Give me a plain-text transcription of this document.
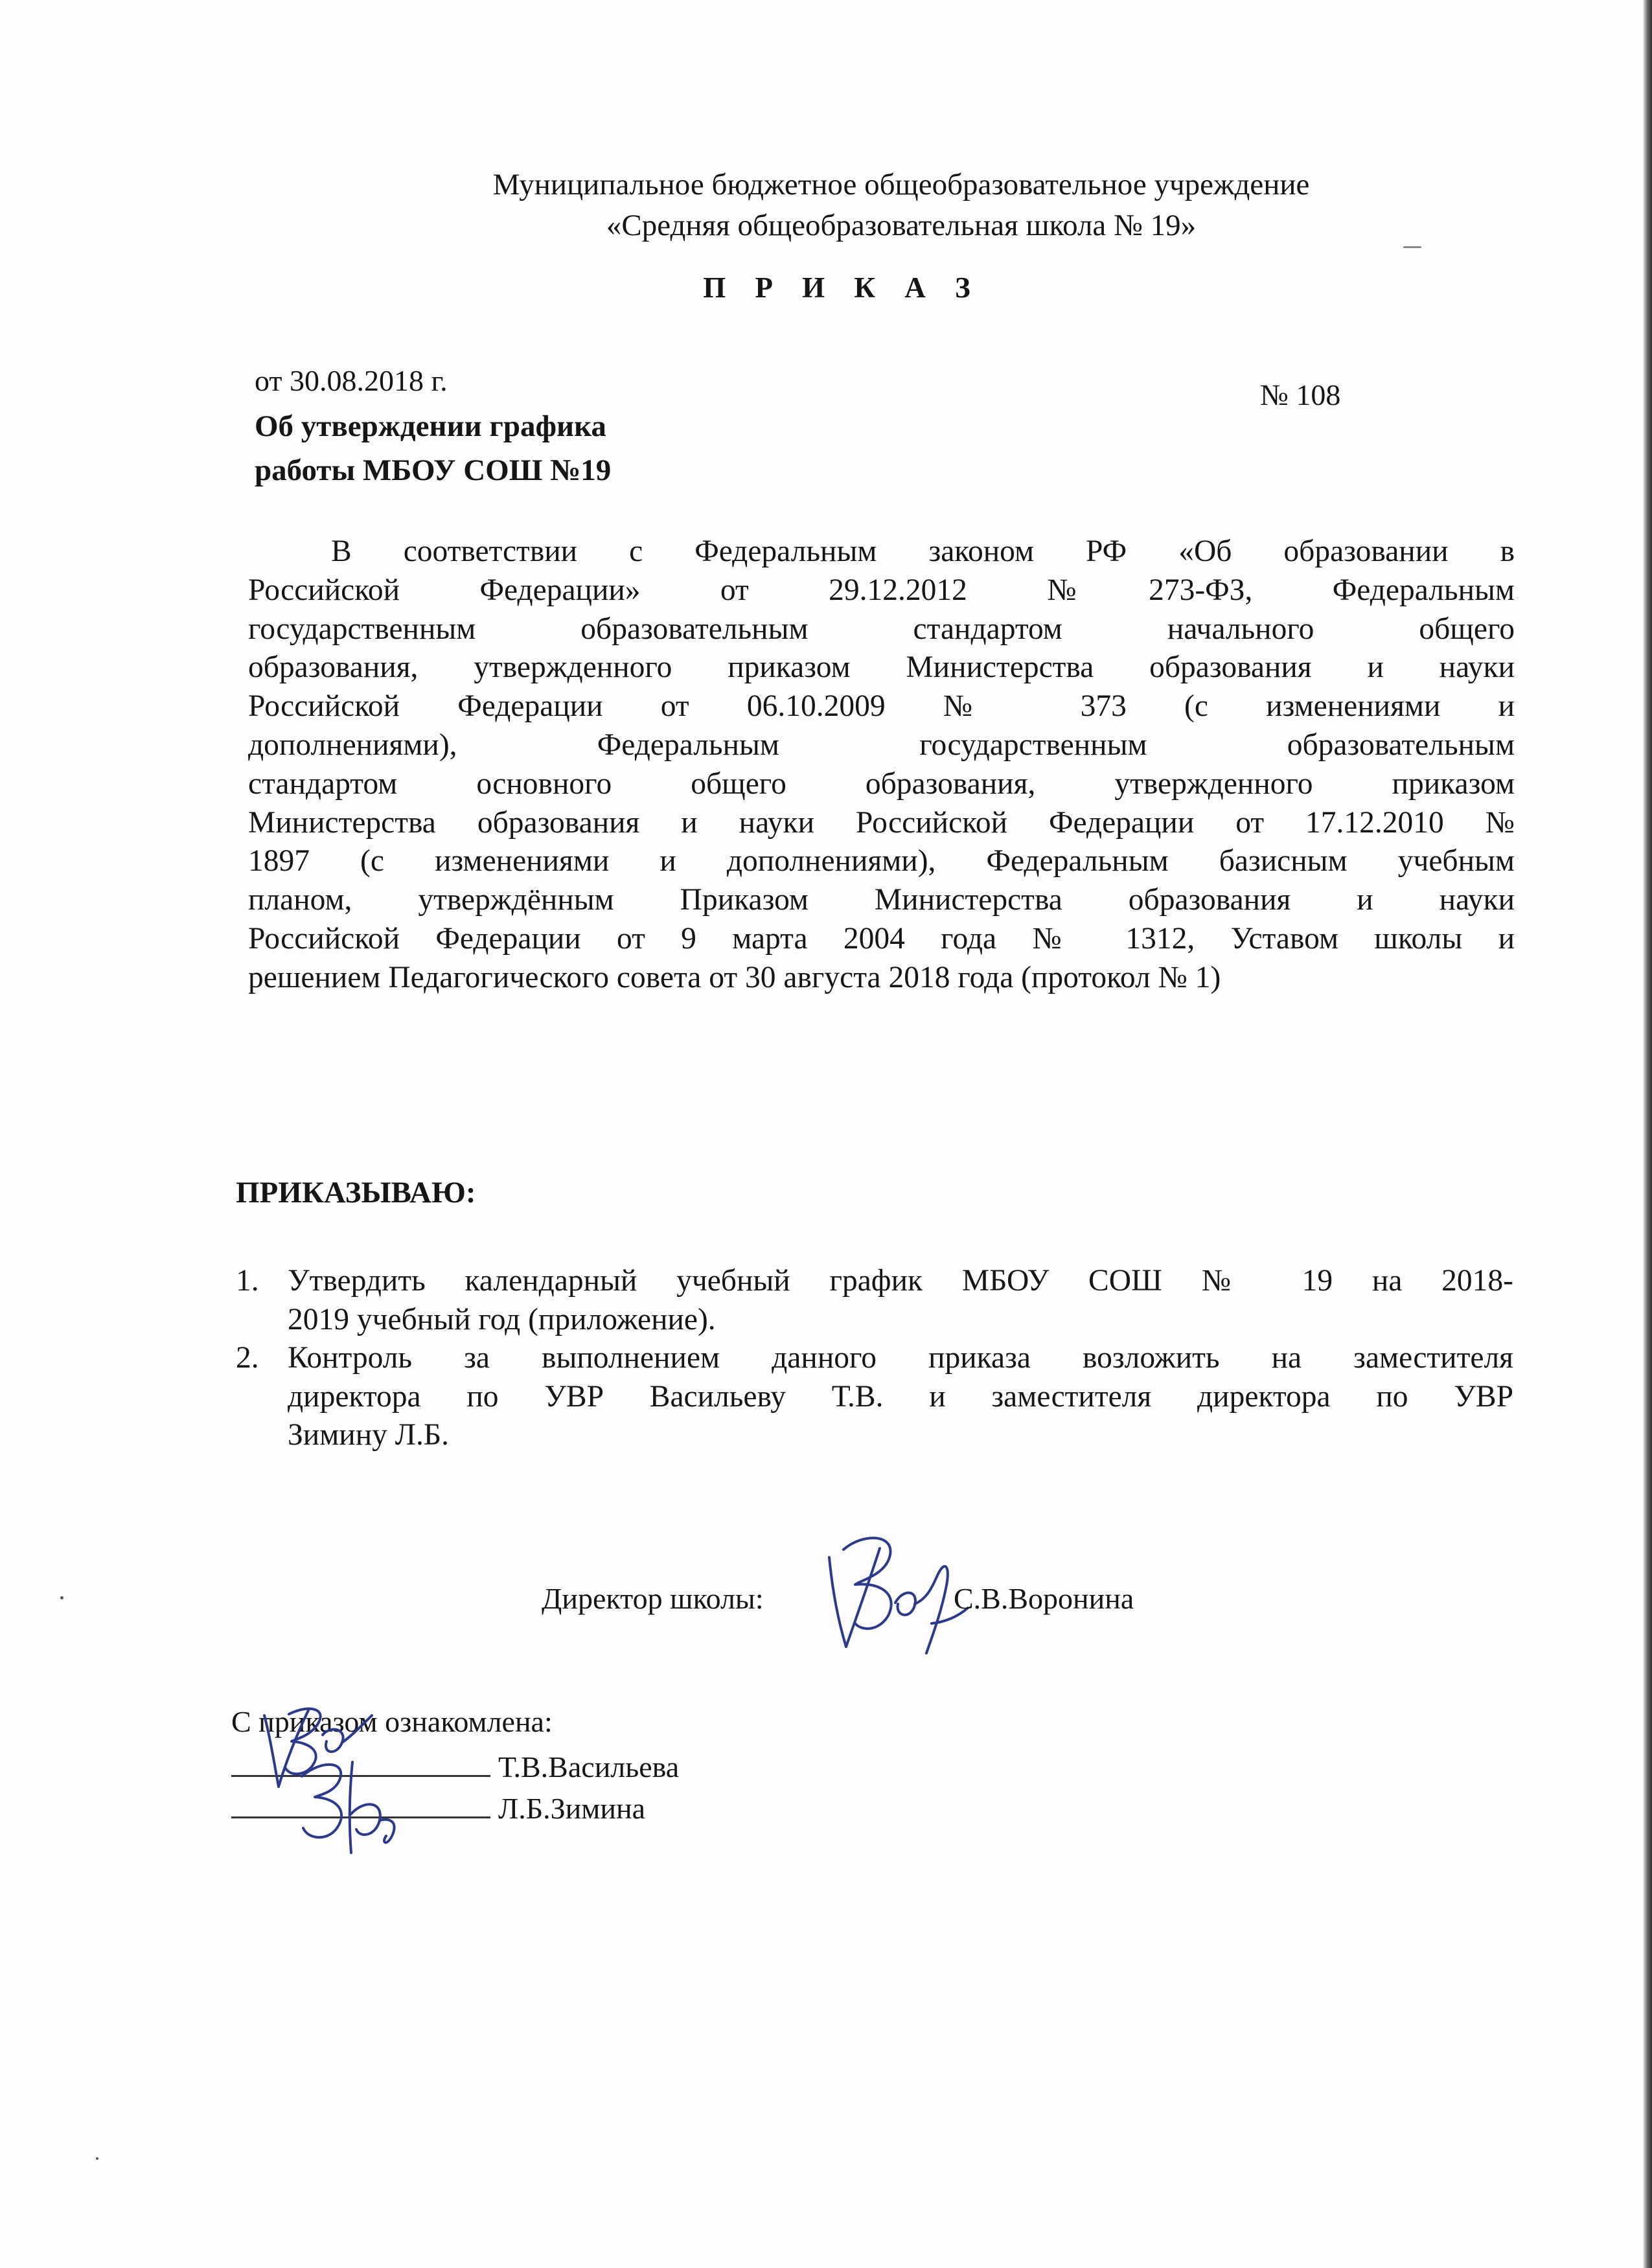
Муниципальное бюджетное общеобразовательное учреждение
«Средняя общеобразовательная школа № 19»
П Р И К А З
от 30.08.2018 г.	№ 108
Об утверждении графика
работы МБОУ СОШ №19
В соответствии с Федеральным законом РФ «Об образовании в
Российской Федерации» от 29.12.2012 №273-ФЗ, Федеральным
государственным образовательным стандартом начального общего
образования, утвержденного приказом Министерства образования и науки
Российской Федерации от 06.10.2009 № 373 (с изменениями и
дополнениями), Федеральным государственным образовательным
стандартом основного общего образования, утвержденного приказом
Министерства образования и науки Российской Федерации от 17.12.2010 №
1897 (с изменениями и дополнениями), Федеральным базисным учебным
планом, утверждённым Приказом Министерства образования и науки
Российской Федерации от 9 марта 2004 года № 1312, Уставом школы и
решением Педагогического совета от 30 августа 2018 года (протокол № 1)
ПРИКАЗЫВАЮ:
1. Утвердить календарный учебный график МБОУ СОШ № 19 на 2018-
2019 учебный год (приложение).
2. Контроль за выполнением данного приказа возложить на заместителя
директора по УВР Васильеву Т.В. и заместителя директора по УВР
Зимину Л.Б.
Директор школы:	С.В.Воронина
С приказом ознакомлена:
Т.В.Васильева
Л.Б.Зимина
